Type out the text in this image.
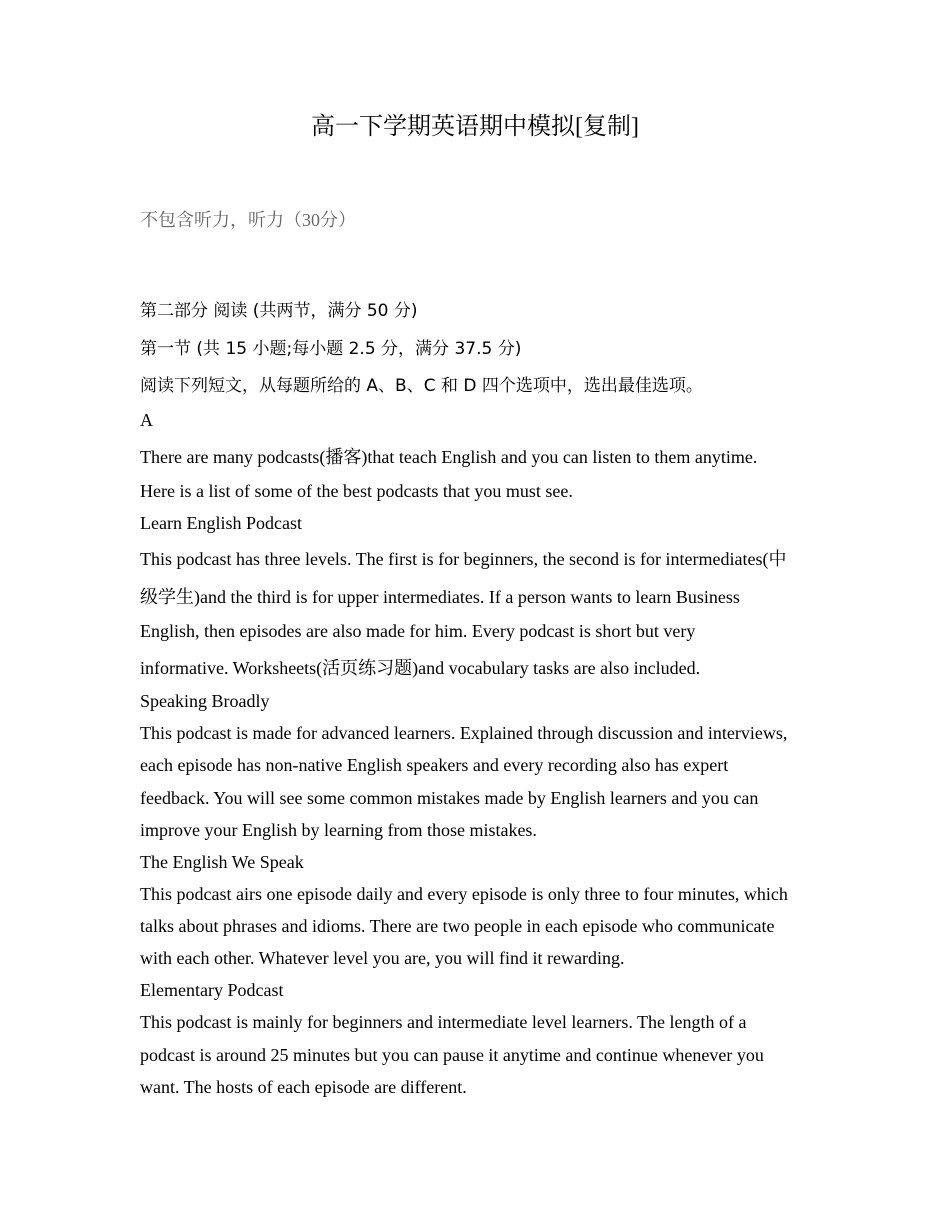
高一下学期英语期中模拟[复制]
不包含听力，听力（30分）
第二部分 阅读 (共两节，满分 50 分)
第一节 (共 15 小题;每小题 2.5 分，满分 37.5 分)
阅读下列短文，从每题所给的 A、B、C 和 D 四个选项中，选出最佳选项。
A
There are many podcasts(播客)that teach English and you can listen to them anytime.
Here is a list of some of the best podcasts that you must see.
Learn English Podcast
This podcast has three levels. The first is for beginners, the second is for intermediates(中
级学生)and the third is for upper intermediates. If a person wants to learn Business
English, then episodes are also made for him. Every podcast is short but very
informative. Worksheets(活页练习题)and vocabulary tasks are also included.
Speaking Broadly
This podcast is made for advanced learners. Explained through discussion and interviews,
each episode has non-native English speakers and every recording also has expert
feedback. You will see some common mistakes made by English learners and you can
improve your English by learning from those mistakes.
The English We Speak
This podcast airs one episode daily and every episode is only three to four minutes, which
talks about phrases and idioms. There are two people in each episode who communicate
with each other. Whatever level you are, you will find it rewarding.
Elementary Podcast
This podcast is mainly for beginners and intermediate level learners. The length of a
podcast is around 25 minutes but you can pause it anytime and continue whenever you
want. The hosts of each episode are different.
